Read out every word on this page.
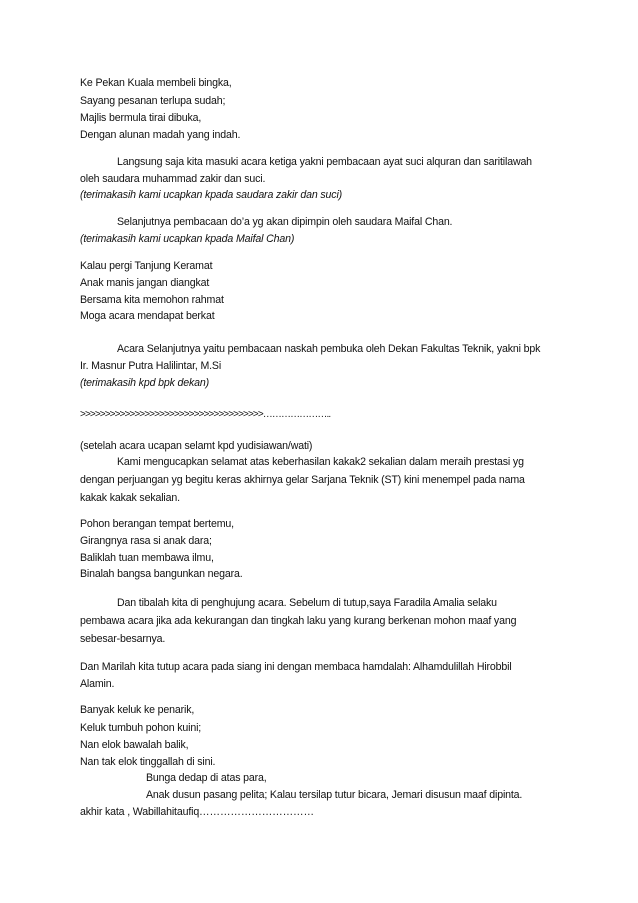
Ke Pekan Kuala membeli bingka,
Sayang pesanan terlupa sudah;
Majlis bermula tirai dibuka,
Dengan alunan madah yang indah.
Langsung saja kita masuki acara ketiga yakni pembacaan ayat suci alquran dan saritilawah
oleh saudara muhammad zakir dan suci.
(terimakasih kami ucapkan kpada saudara zakir dan suci)
Selanjutnya pembacaan do’a yg akan dipimpin oleh saudara Maifal Chan.
(terimakasih kami ucapkan kpada Maifal Chan)
Kalau pergi Tanjung Keramat
Anak manis jangan diangkat
Bersama kita memohon rahmat
Moga acara mendapat berkat
Acara Selanjutnya yaitu pembacaan naskah pembuka oleh Dekan Fakultas Teknik, yakni bpk
Ir. Masnur Putra Halilintar, M.Si
(terimakasih kpd bpk dekan)
>>>>>>>>>>>>>>>>>>>>>>>>>>>>>>>>>>>>>…………………..
(setelah acara ucapan selamt kpd yudisiawan/wati)
Kami mengucapkan selamat atas keberhasilan kakak2 sekalian dalam meraih prestasi yg
dengan perjuangan yg begitu keras akhirnya gelar Sarjana Teknik (ST) kini menempel pada nama
kakak kakak sekalian.
Pohon berangan tempat bertemu,
Girangnya rasa si anak dara;
Baliklah tuan membawa ilmu,
Binalah bangsa bangunkan negara.
Dan tibalah kita di penghujung acara. Sebelum di tutup,saya Faradila Amalia selaku
pembawa acara jika ada kekurangan dan tingkah laku yang kurang berkenan mohon maaf yang
sebesar-besarnya.
Dan Marilah kita tutup acara pada siang ini dengan membaca hamdalah: Alhamdulillah Hirobbil
Alamin.
Banyak keluk ke penarik,
Keluk tumbuh pohon kuini;
Nan elok bawalah balik,
Nan tak elok tinggallah di sini.
Bunga dedap di atas para,
Anak dusun pasang pelita; Kalau tersilap tutur bicara, Jemari disusun maaf dipinta.
akhir kata , Wabillahitaufiq……………………………
